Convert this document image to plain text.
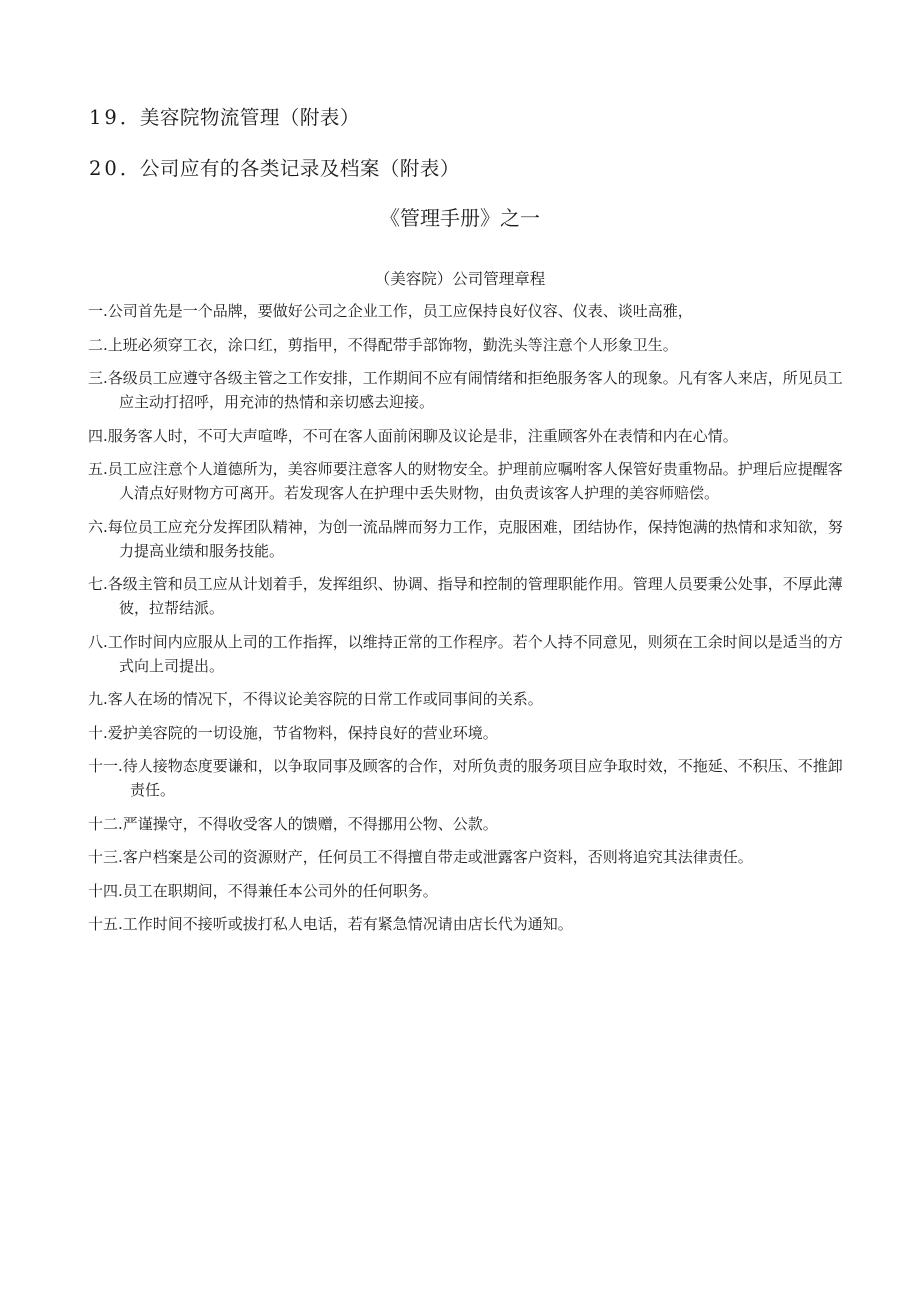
19．美容院物流管理（附表）
20．公司应有的各类记录及档案（附表）
《管理手册》之一
（美容院）公司管理章程
一.公司首先是一个品牌，要做好公司之企业工作，员工应保持良好仪容、仪表、谈吐高雅，
二.上班必须穿工衣，涂口红，剪指甲，不得配带手部饰物，勤洗头等注意个人形象卫生。
三.各级员工应遵守各级主管之工作安排，工作期间不应有闹情绪和拒绝服务客人的现象。凡有客人来店，所见员工应主动打招呼，用充沛的热情和亲切感去迎接。
四.服务客人时，不可大声喧哗，不可在客人面前闲聊及议论是非，注重顾客外在表情和内在心情。
五.员工应注意个人道德所为，美容师要注意客人的财物安全。护理前应嘱咐客人保管好贵重物品。护理后应提醒客人清点好财物方可离开。若发现客人在护理中丢失财物，由负责该客人护理的美容师赔偿。
六.每位员工应充分发挥团队精神，为创一流品牌而努力工作，克服困难，团结协作，保持饱满的热情和求知欲，努力提高业绩和服务技能。
七.各级主管和员工应从计划着手，发挥组织、协调、指导和控制的管理职能作用。管理人员要秉公处事，不厚此薄彼，拉帮结派。
八.工作时间内应服从上司的工作指挥，以维持正常的工作程序。若个人持不同意见，则须在工余时间以是适当的方式向上司提出。
九.客人在场的情况下，不得议论美容院的日常工作或同事间的关系。
十.爱护美容院的一切设施，节省物料，保持良好的营业环境。
十一.待人接物态度要谦和，以争取同事及顾客的合作，对所负责的服务项目应争取时效，不拖延、不积压、不推卸责任。
十二.严谨操守，不得收受客人的馈赠，不得挪用公物、公款。
十三.客户档案是公司的资源财产，任何员工不得擅自带走或泄露客户资料，否则将追究其法律责任。
十四.员工在职期间，不得兼任本公司外的任何职务。
十五.工作时间不接听或拔打私人电话，若有紧急情况请由店长代为通知。
